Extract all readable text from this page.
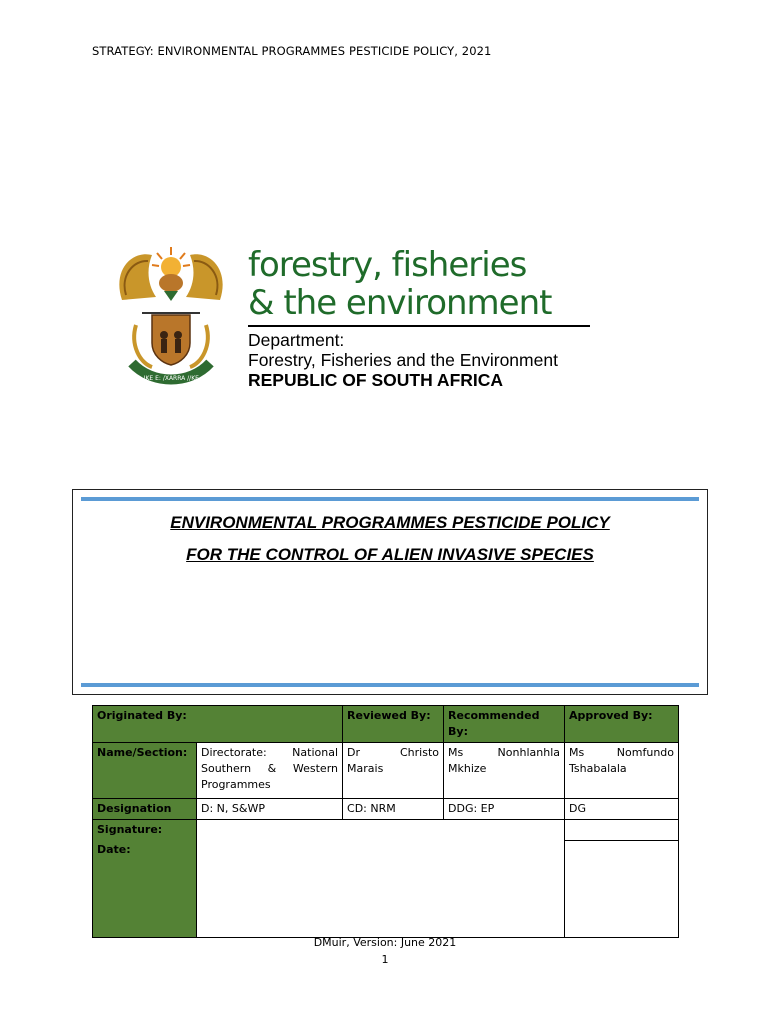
STRATEGY: ENVIRONMENTAL PROGRAMMES PESTICIDE POLICY, 2021
!KE E: /XARRA //KE
forestry, fisheries
& the environment
Department:
Forestry, Fisheries and the Environment
REPUBLIC OF SOUTH AFRICA
ENVIRONMENTAL PROGRAMMES PESTICIDE POLICY
FOR THE CONTROL OF ALIEN INVASIVE SPECIES
Originated By:		Reviewed By:	Recommended By:	Approved By:
Name/Section:	Directorate: National Southern & Western Programmes	Dr Christo Marais	Ms Nonhlanhla Mkhize	Ms Nomfundo Tshabalala
Designation	D: N, S&WP	CD: NRM	DDG: EP	DG
Signature:				
Date:				
DMuir, Version: June 2021
1
